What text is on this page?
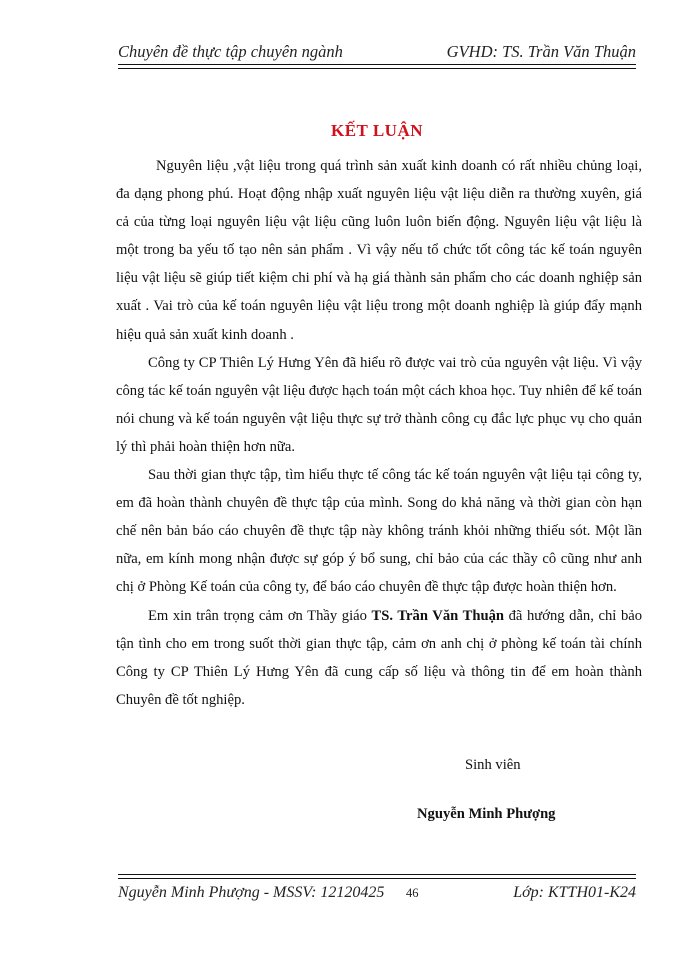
Chuyên đề thực tập chuyên ngành	GVHD: TS. Trần Văn Thuận
KẾT LUẬN

Nguyên liệu ,vật liệu trong quá trình sản xuất kinh doanh có rất nhiều chủng loại, đa dạng phong phú. Hoạt động nhập xuất nguyên liệu vật liệu diễn ra thường xuyên, giá cả của từng loại nguyên liệu vật liệu cũng luôn luôn biến động. Nguyên liệu vật liệu là một trong ba yếu tố tạo nên sản phẩm . Vì vậy nếu tổ chức tốt công tác kế toán nguyên liệu vật liệu sẽ giúp tiết kiệm chi phí và hạ giá thành sản phẩm cho các doanh nghiệp sản xuất . Vai trò của kế toán nguyên liệu vật liệu trong một doanh nghiệp là giúp đẩy mạnh hiệu quả sản xuất kinh doanh .

Công ty CP Thiên Lý Hưng Yên đã hiểu rõ được vai trò của nguyên vật liệu. Vì vậy công tác kế toán nguyên vật liệu được hạch toán một cách khoa học. Tuy nhiên để kế toán nói chung và kế toán nguyên vật liệu thực sự trở thành công cụ đắc lực phục vụ cho quản lý thì phải hoàn thiện hơn nữa.

Sau thời gian thực tập, tìm hiểu thực tế công tác kế toán nguyên vật liệu tại công ty, em đã hoàn thành chuyên đề thực tập của mình. Song do khả năng và thời gian còn hạn chế nên bản báo cáo chuyên đề thực tập này không tránh khỏi những thiếu sót. Một lần nữa, em kính mong nhận được sự góp ý bổ sung, chỉ bảo của các thầy cô cũng như anh chị ở Phòng Kế toán của công ty, để báo cáo chuyên đề thực tập được hoàn thiện hơn.

Em xin trân trọng cảm ơn Thầy giáo TS. Trần Văn Thuận đã hướng dẫn, chỉ bảo tận tình cho em trong suốt thời gian thực tập, cảm ơn anh chị ở phòng kế toán tài chính Công ty CP Thiên Lý Hưng Yên đã cung cấp số liệu và thông tin để em hoàn thành Chuyên đề tốt nghiệp.

Sinh viên
Nguyễn Minh Phượng
Nguyễn Minh Phượng - MSSV: 12120425 46	Lớp: KTTH01-K24
